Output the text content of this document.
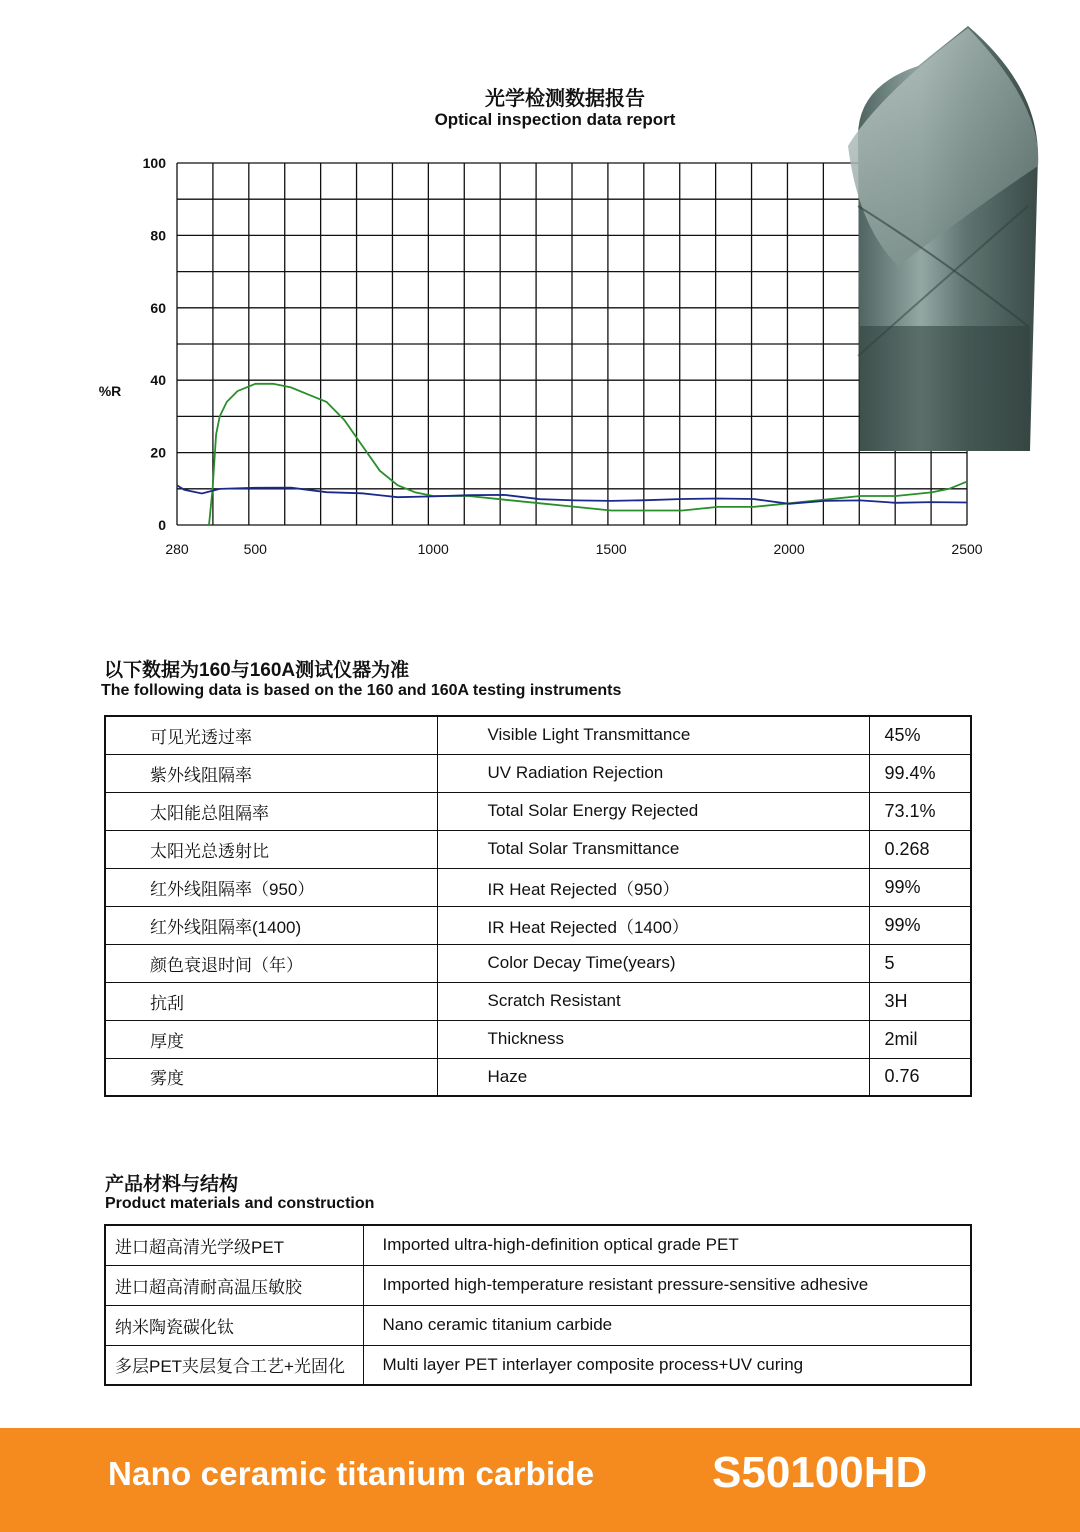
光学检测数据报告
Optical inspection data report
0
20
40
60
80
100
280	500	1000	1500	2000	2500
%R
以下数据为160与160A测试仪器为准
The following data is based on the 160 and 160A testing instruments
可见光透过率	Visible Light Transmittance	45%
紫外线阻隔率	UV Radiation Rejection	99.4%
太阳能总阻隔率	Total Solar Energy Rejected	73.1%
太阳光总透射比	Total Solar Transmittance	0.268
红外线阻隔率（950）	IR Heat Rejected（950）	99%
红外线阻隔率(1400)	IR Heat Rejected（1400）	99%
颜色衰退时间（年）	Color Decay Time(years)	5
抗刮	Scratch Resistant	3H
厚度	Thickness	2mil
雾度	Haze	0.76
产品材料与结构
Product materials and construction
进口超高清光学级PET	Imported ultra-high-definition optical grade PET
进口超高清耐高温压敏胶	Imported high-temperature resistant pressure-sensitive adhesive
纳米陶瓷碳化钛	Nano ceramic titanium carbide
多层PET夹层复合工艺+光固化	Multi layer PET interlayer composite process+UV curing
Nano ceramic titanium carbide	S50100HD
